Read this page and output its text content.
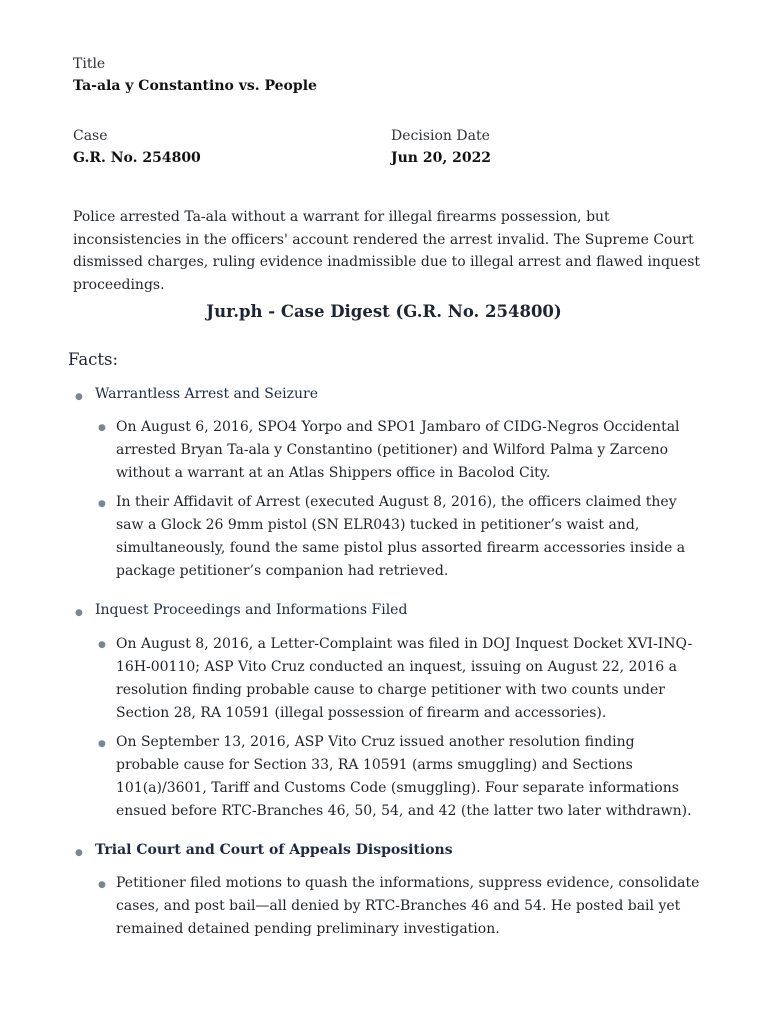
Title
Ta-ala y Constantino vs. People
Case
G.R. No. 254800
Decision Date
Jun 20, 2022

Police arrested Ta-ala without a warrant for illegal firearms possession, but inconsistencies in the officers' account rendered the arrest invalid. The Supreme Court dismissed charges, ruling evidence inadmissible due to illegal arrest and flawed inquest proceedings.

Jur.ph - Case Digest (G.R. No. 254800)
Facts:
● Warrantless Arrest and Seizure
● On August 6, 2016, SPO4 Yorpo and SPO1 Jambaro of CIDG-Negros Occidental arrested Bryan Ta-ala y Constantino (petitioner) and Wilford Palma y Zarceno without a warrant at an Atlas Shippers office in Bacolod City.

● In their Affidavit of Arrest (executed August 8, 2016), the officers claimed they saw a Glock 26 9mm pistol (SN ELR043) tucked in petitioner’s waist and, simultaneously, found the same pistol plus assorted firearm accessories inside a package petitioner’s companion had retrieved.

● Inquest Proceedings and Informations Filed
● On August 8, 2016, a Letter-Complaint was filed in DOJ Inquest Docket XVI-INQ-16H-00110; ASP Vito Cruz conducted an inquest, issuing on August 22, 2016 a resolution finding probable cause to charge petitioner with two counts under Section 28, RA 10591 (illegal possession of firearm and accessories).

● On September 13, 2016, ASP Vito Cruz issued another resolution finding probable cause for Section 33, RA 10591 (arms smuggling) and Sections 101(a)/3601, Tariff and Customs Code (smuggling). Four separate informations ensued before RTC-Branches 46, 50, 54, and 42 (the latter two later withdrawn).

● Trial Court and Court of Appeals Dispositions
● Petitioner filed motions to quash the informations, suppress evidence, consolidate cases, and post bail—all denied by RTC-Branches 46 and 54. He posted bail yet remained detained pending preliminary investigation.
